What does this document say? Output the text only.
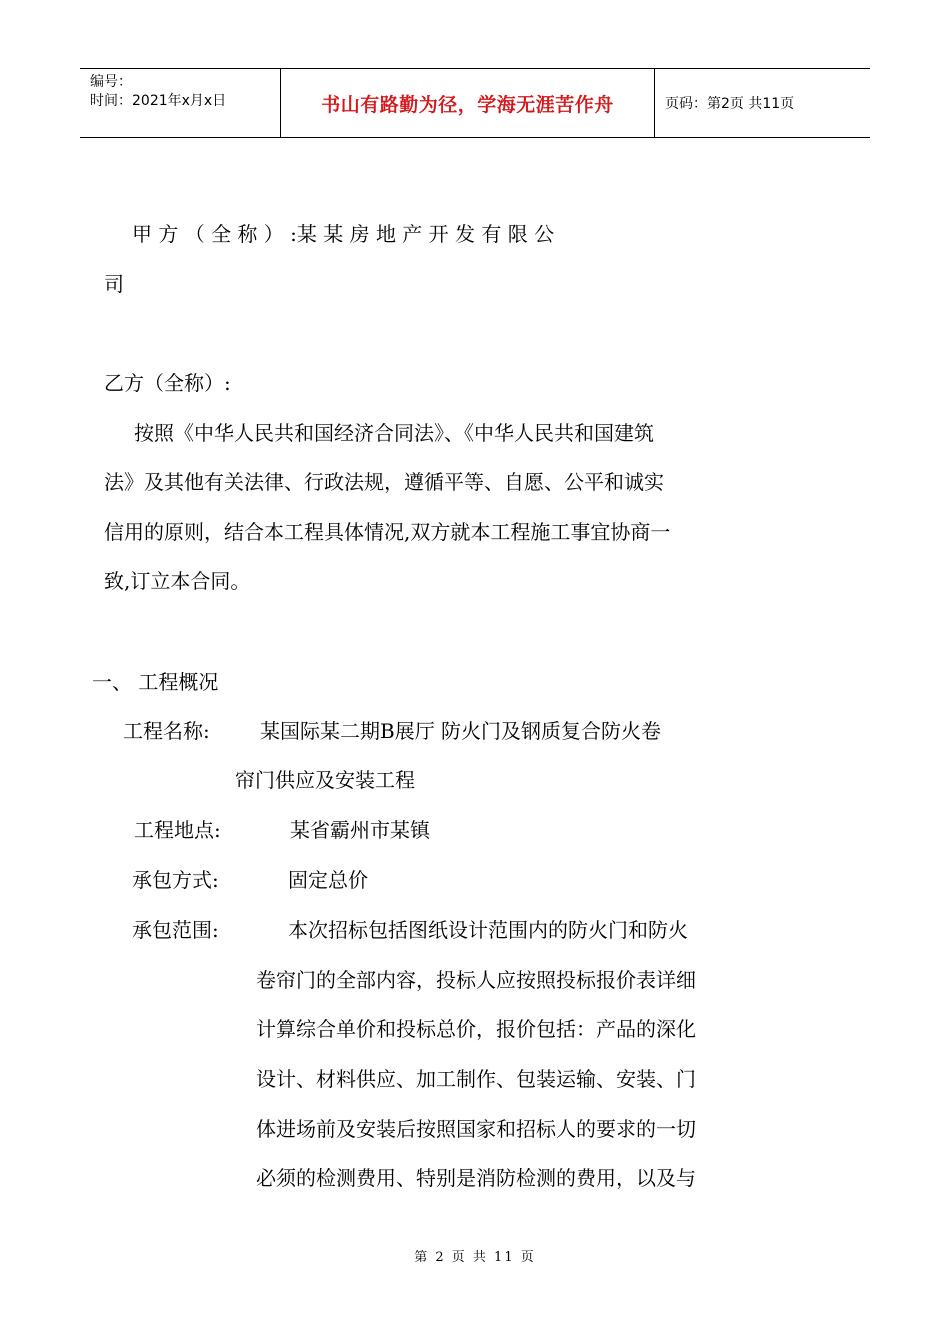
编号：
时间：2021年x月x日	书山有路勤为径，学海无涯苦作舟	页码：第2页 共11页
甲 方 （ 全 称 ） :某 某 房 地 产 开 发 有 限 公
司
乙方（全称）:
按照《中华人民共和国经济合同法》、《中华人民共和国建筑
法》及其他有关法律、行政法规，遵循平等、自愿、公平和诚实
信用的原则，结合本工程具体情况,双方就本工程施工事宜协商一
致,订立本合同。
一、 工程概况
工程名称:	某国际某二期B展厅 防火门及钢质复合防火卷
帘门供应及安装工程
工程地点:	某省霸州市某镇
承包方式:	固定总价
承包范围:	本次招标包括图纸设计范围内的防火门和防火
卷帘门的全部内容，投标人应按照投标报价表详细
计算综合单价和投标总价，报价包括：产品的深化
设计、材料供应、加工制作、包装运输、安装、门
体进场前及安装后按照国家和招标人的要求的一切
必须的检测费用、特别是消防检测的费用，以及与
第 2 页 共 11 页
